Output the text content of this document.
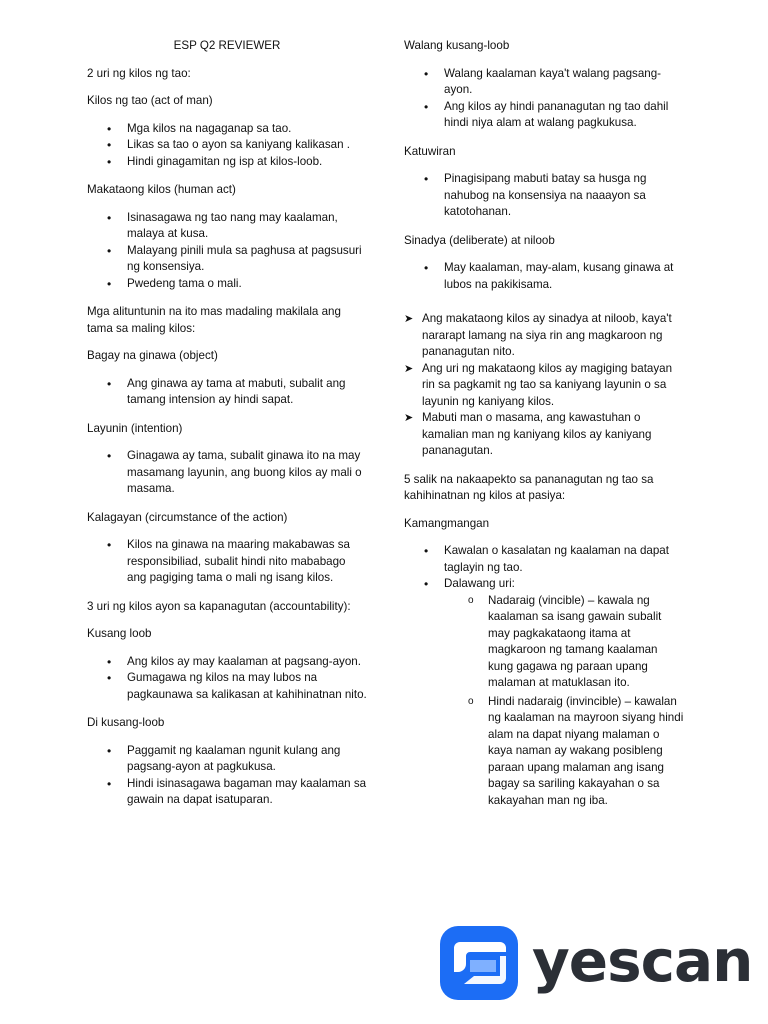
ESP Q2 REVIEWER
2 uri ng kilos ng tao:
Kilos ng tao (act of man)
• Mga kilos na nagaganap sa tao.
• Likas sa tao o ayon sa kaniyang kalikasan .
• Hindi ginagamitan ng isp at kilos-loob.
Makataong kilos (human act)
• Isinasagawa ng tao nang may kaalaman, malaya at kusa.
• Malayang pinili mula sa paghusa at pagsusuri ng konsensiya.
• Pwedeng tama o mali.
Mga alituntunin na ito mas madaling makilala ang tama sa maling kilos:
Bagay na ginawa (object)
• Ang ginawa ay tama at mabuti, subalit ang tamang intension ay hindi sapat.
Layunin (intention)
• Ginagawa ay tama, subalit ginawa ito na may masamang layunin, ang buong kilos ay mali o masama.
Kalagayan (circumstance of the action)
• Kilos na ginawa na maaring makabawas sa responsibiliad, subalit hindi nito mababago ang pagiging tama o mali ng isang kilos.
3 uri ng kilos ayon sa kapanagutan (accountability):
Kusang loob
• Ang kilos ay may kaalaman at pagsang-ayon.
• Gumagawa ng kilos na may lubos na pagkaunawa sa kalikasan at kahihinatnan nito.
Di kusang-loob
• Paggamit ng kaalaman ngunit kulang ang pagsang-ayon at pagkukusa.
• Hindi isinasagawa bagaman may kaalaman sa gawain na dapat isatuparan.
Walang kusang-loob
• Walang kaalaman kaya't walang pagsang-ayon.
• Ang kilos ay hindi pananagutan ng tao dahil hindi niya alam at walang pagkukusa.
Katuwiran
• Pinagisipang mabuti batay sa husga ng nahubog na konsensiya na naaayon sa katotohanan.
Sinadya (deliberate) at niloob
• May kaalaman, may-alam, kusang ginawa at lubos na pakikisama.
➤ Ang makataong kilos ay sinadya at niloob, kaya't nararapt lamang na siya rin ang magkaroon ng pananagutan nito.
➤ Ang uri ng makataong kilos ay magiging batayan rin sa pagkamit ng tao sa kaniyang layunin o sa layunin ng kaniyang kilos.
➤ Mabuti man o masama, ang kawastuhan o kamalian man ng kaniyang kilos ay kaniyang pananagutan.
5 salik na nakaapekto sa pananagutan ng tao sa kahihinatnan ng kilos at pasiya:
Kamangmangan
• Kawalan o kasalatan ng kaalaman na dapat taglayin ng tao.
• Dalawang uri:
o Nadaraig (vincible) – kawala ng kaalaman sa isang gawain subalit may pagkakataong itama at magkaroon ng tamang kaalaman kung gagawa ng paraan upang malaman at matuklasan ito.
o Hindi nadaraig (invincible) – kawalan ng kaalaman na mayroon siyang hindi alam na dapat niyang malaman o kaya naman ay wakang posibleng paraan upang malaman ang isang bagay sa sariling kakayahan o sa kakayahan man ng iba.
yescan
